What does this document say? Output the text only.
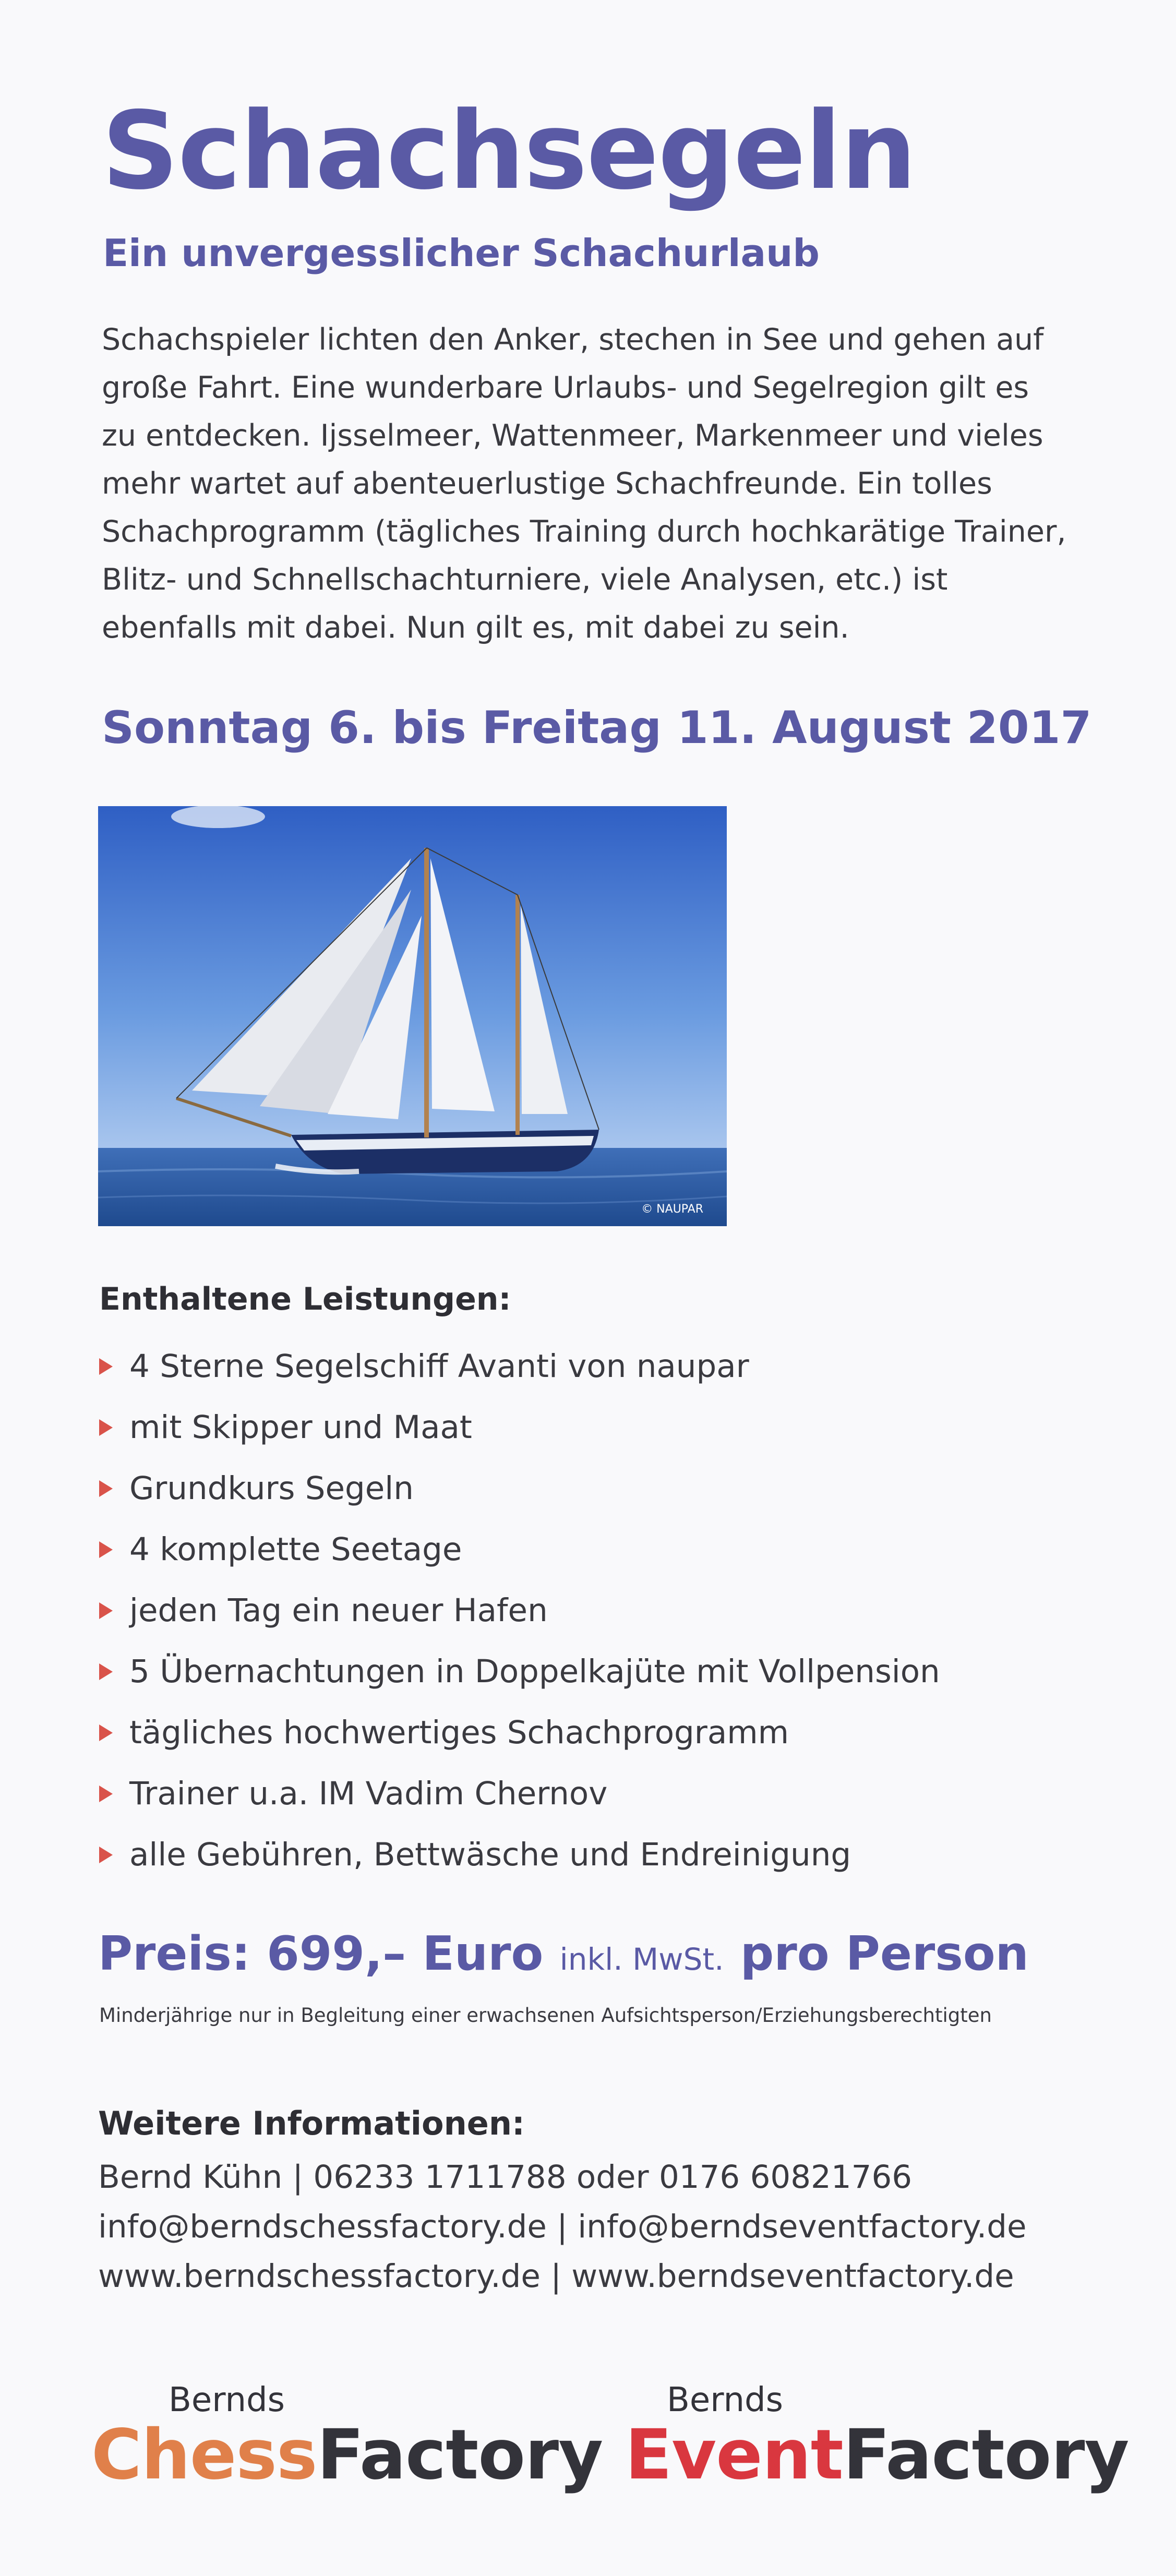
Schachsegeln
Ein unvergesslicher Schachurlaub
Schachspieler lichten den Anker, stechen in See und gehen auf
große Fahrt. Eine wunderbare Urlaubs- und Segelregion gilt es
zu entdecken. Ijsselmeer, Wattenmeer, Markenmeer und vieles
mehr wartet auf abenteuerlustige Schachfreunde. Ein tolles
Schachprogramm (tägliches Training durch hochkarätige Trainer,
Blitz- und Schnellschachturniere, viele Analysen, etc.) ist
ebenfalls mit dabei. Nun gilt es, mit dabei zu sein.
Sonntag 6. bis Freitag 11. August 2017
© NAUPAR
Enthaltene Leistungen:
4 Sterne Segelschiff Avanti von naupar
mit Skipper und Maat
Grundkurs Segeln
4 komplette Seetage
jeden Tag ein neuer Hafen
5 Übernachtungen in Doppelkajüte mit Vollpension
tägliches hochwertiges Schachprogramm
Trainer u.a. IM Vadim Chernov
alle Gebühren, Bettwäsche und Endreinigung
Preis: 699,– Euro inkl. MwSt. pro Person
Minderjährige nur in Begleitung einer erwachsenen Aufsichtsperson/Erziehungsberechtigten
Weitere Informationen:
Bernd Kühn | 06233 1711788 oder 0176 60821766
info@berndschessfactory.de | info@berndseventfactory.de
www.berndschessfactory.de | www.berndseventfactory.de
Bernds
ChessFactory
Bernds
EventFactory
